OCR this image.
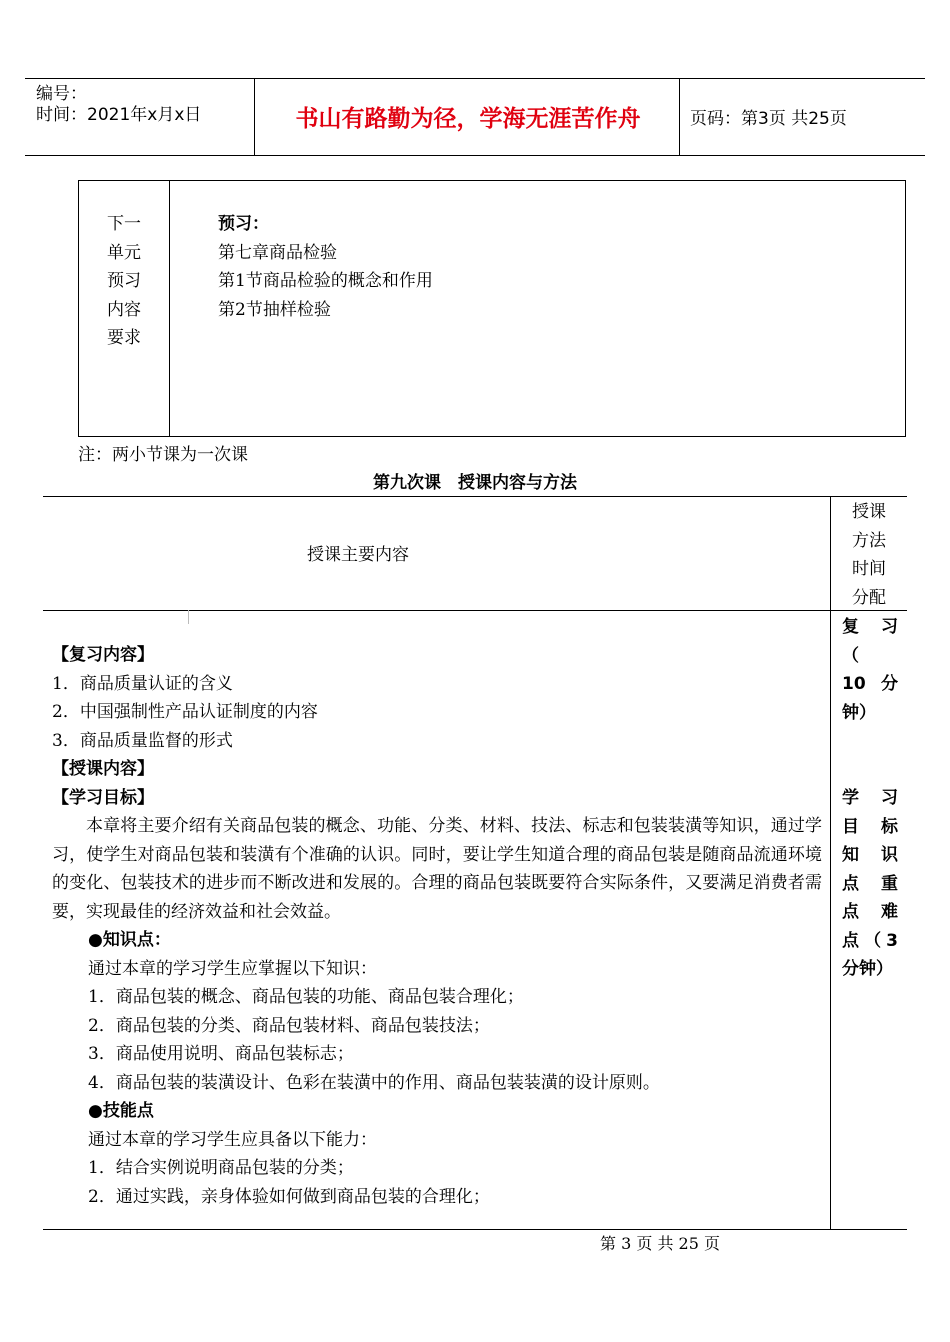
编号：
时间：2021年x月x日	书山有路勤为径，学海无涯苦作舟	页码：第3页 共25页
下一
单元
预习
内容
要求
预习：
第七章商品检验
第1节商品检验的概念和作用
第2节抽样检验
注：两小节课为一次课
第九次课　授课内容与方法
授课主要内容
授课
方法
时间
分配
【复习内容】
1．商品质量认证的含义
2．中国强制性产品认证制度的内容
3．商品质量监督的形式
【授课内容】
【学习目标】
本章将主要介绍有关商品包装的概念、功能、分类、材料、技法、标志和包装装潢等知识，通过学习，使学生对商品包装和装潢有个准确的认识。同时，要让学生知道合理的商品包装是随商品流通环境的变化、包装技术的进步而不断改进和发展的。合理的商品包装既要符合实际条件，又要满足消费者需要，实现最佳的经济效益和社会效益。
●知识点：
通过本章的学习学生应掌握以下知识：
1．商品包装的概念、商品包装的功能、商品包装合理化；
2．商品包装的分类、商品包装材料、商品包装技法；
3．商品使用说明、商品包装标志；
4．商品包装的装潢设计、色彩在装潢中的作用、商品包装装潢的设计原则。
●技能点
通过本章的学习学生应具备以下能力：
1．结合实例说明商品包装的分类；
2．通过实践，亲身体验如何做到商品包装的合理化；
复　习（　10分钟）
学　习目　标知　识点　重点　难点（3分钟）
第 3 页 共 25 页
